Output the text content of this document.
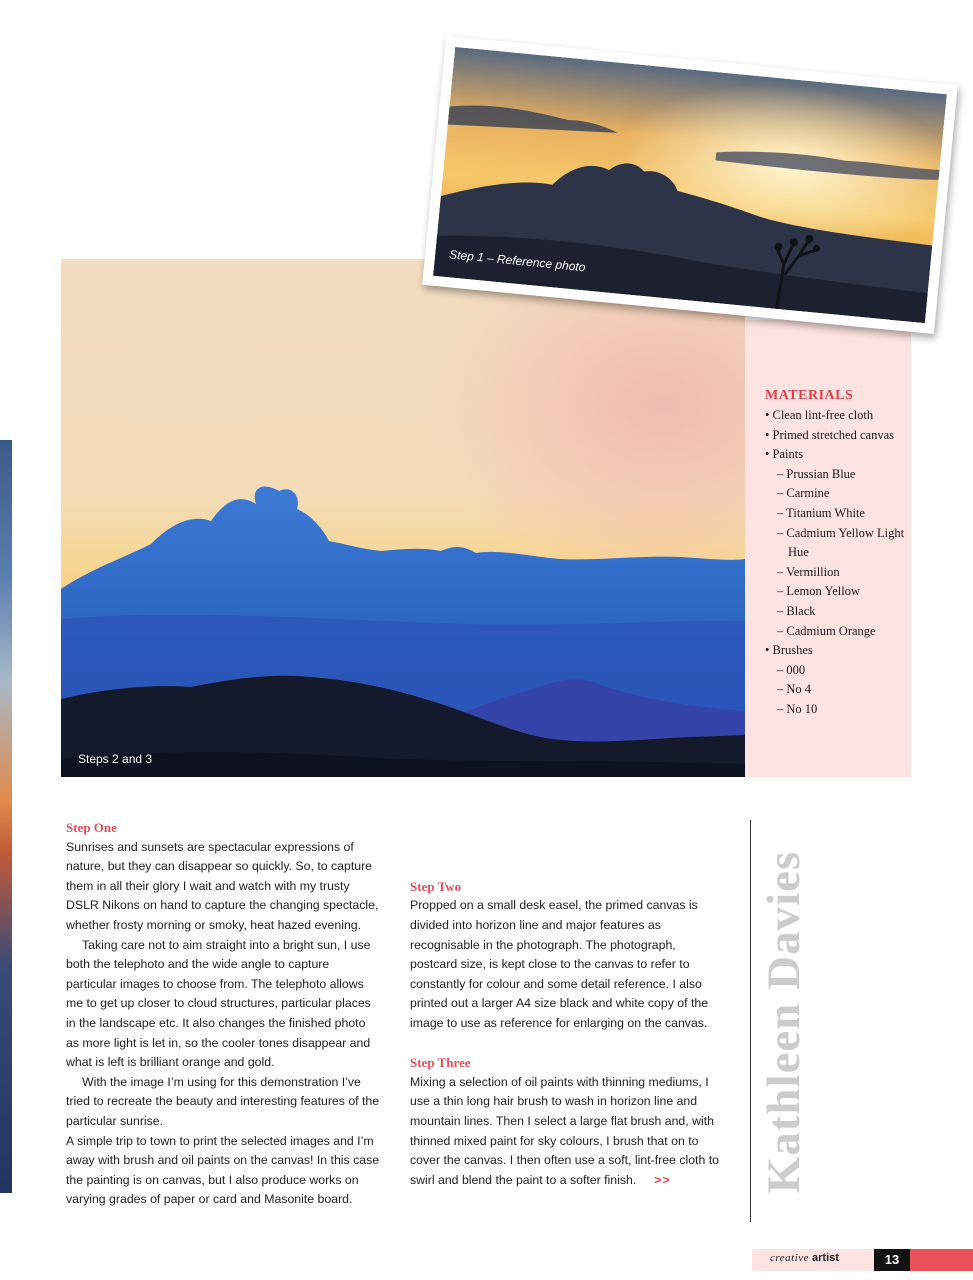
Steps 2 and 3
MATERIALS
• Clean lint-free cloth
• Primed stretched canvas
• Paints
– Prussian Blue
– Carmine
– Titanium White
– Cadmium Yellow Light Hue
– Vermillion
– Lemon Yellow
– Black
– Cadmium Orange
• Brushes
– 000
– No 4
– No 10
Step 1 – Reference photo
Step One

Sunrises and sunsets are spectacular expressions of nature, but they can disappear so quickly. So, to capture them in all their glory I wait and watch with my trusty DSLR Nikons on hand to capture the changing spectacle, whether frosty morning or smoky, heat hazed evening.

Taking care not to aim straight into a bright sun, I use both the telephoto and the wide angle to capture particular images to choose from. The telephoto allows me to get up closer to cloud structures, particular places in the landscape etc. It also changes the finished photo as more light is let in, so the cooler tones disappear and what is left is brilliant orange and gold.

With the image I’m using for this demonstration I’ve tried to recreate the beauty and interesting features of the particular sunrise.

A simple trip to town to print the selected images and I’m away with brush and oil paints on the canvas! In this case the painting is on canvas, but I also produce works on varying grades of paper or card and Masonite board.

Step Two

Propped on a small desk easel, the primed canvas is divided into horizon line and major features as recognisable in the photograph. The photograph, postcard size, is kept close to the canvas to refer to constantly for colour and some detail reference. I also printed out a larger A4 size black and white copy of the image to use as reference for enlarging on the canvas.

Step Three

Mixing a selection of oil paints with thinning mediums, I use a thin long hair brush to wash in horizon line and mountain lines. Then I select a large flat brush and, with thinned mixed paint for sky colours, I brush that on to cover the canvas. I then often use a soft, lint-free cloth to swirl and blend the paint to a softer finish. >>	Kathleen Davies
creative artist	13
